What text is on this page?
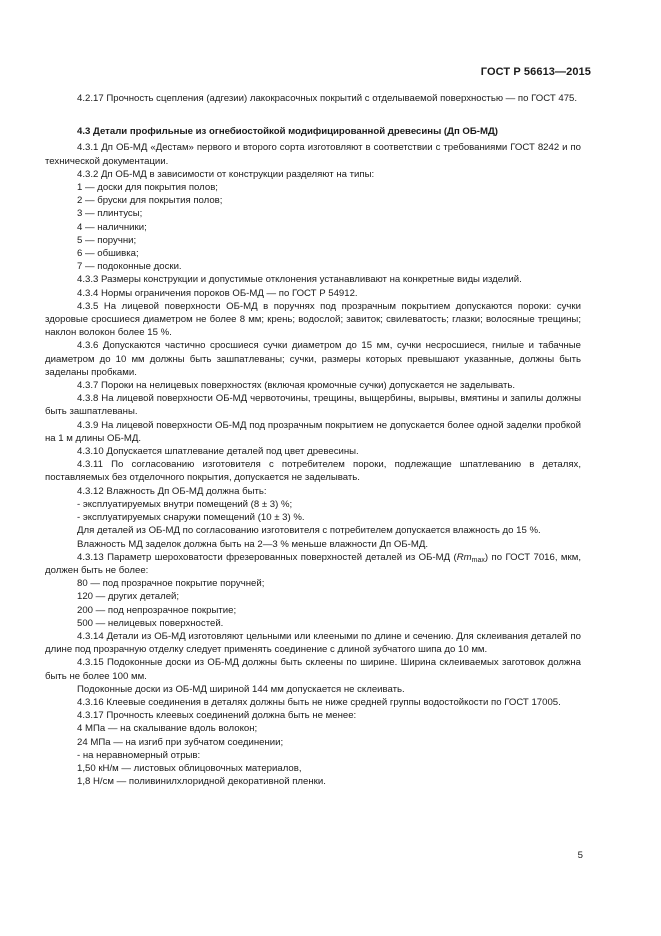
ГОСТ Р 56613—2015

4.2.17 Прочность сцепления (адгезии) лакокрасочных покрытий с отделываемой поверхностью — по ГОСТ 475.

4.3 Детали профильные из огнебиостойкой модифицированной древесины (Дп ОБ-МД)

4.3.1 Дп ОБ-МД «Дестам» первого и второго сорта изготовляют в соответствии с требованиями ГОСТ 8242 и по технической документации.

4.3.2 Дп ОБ-МД в зависимости от конструкции разделяют на типы:

1 — доски для покрытия полов;

2 — бруски для покрытия полов;

3 — плинтусы;

4 — наличники;

5 — поручни;

6 — обшивка;

7 — подоконные доски.

4.3.3 Размеры конструкции и допустимые отклонения устанавливают на конкретные виды изделий.

4.3.4 Нормы ограничения пороков ОБ-МД — по ГОСТ Р 54912.

4.3.5 На лицевой поверхности ОБ-МД в поручнях под прозрачным покрытием допускаются пороки: сучки здоровые сросшиеся диаметром не более 8 мм; крень; водослой; завиток; свилеватость; глазки; волосяные трещины; наклон волокон более 15 %.

4.3.6 Допускаются частично сросшиеся сучки диаметром до 15 мм, сучки несросшиеся, гнилые и табачные диаметром до 10 мм должны быть зашпатлеваны; сучки, размеры которых превышают указанные, должны быть заделаны пробками.

4.3.7 Пороки на нелицевых поверхностях (включая кромочные сучки) допускается не заделывать.

4.3.8 На лицевой поверхности ОБ-МД червоточины, трещины, выщербины, вырывы, вмятины и запилы должны быть зашпатлеваны.

4.3.9 На лицевой поверхности ОБ-МД под прозрачным покрытием не допускается более одной заделки пробкой на 1 м длины ОБ-МД.

4.3.10 Допускается шпатлевание деталей под цвет древесины.

4.3.11 По согласованию изготовителя с потребителем пороки, подлежащие шпатлеванию в деталях, поставляемых без отделочного покрытия, допускается не заделывать.

4.3.12 Влажность Дп ОБ-МД должна быть:

- эксплуатируемых внутри помещений (8 ± 3) %;

- эксплуатируемых снаружи помещений (10 ± 3) %.

Для деталей из ОБ-МД по согласованию изготовителя с потребителем допускается влажность до 15 %.

Влажность МД заделок должна быть на 2—3 % меньше влажности Дп ОБ-МД.

4.3.13 Параметр шероховатости фрезерованных поверхностей деталей из ОБ-МД $(Rm_{max})$ по ГОСТ 7016, мкм, должен быть не более:

80 — под прозрачное покрытие поручней;

120 — других деталей;

200 — под непрозрачное покрытие;

500 — нелицевых поверхностей.

4.3.14 Детали из ОБ-МД изготовляют цельными или клееными по длине и сечению. Для склеивания деталей по длине под прозрачную отделку следует применять соединение с длиной зубчатого шипа до 10 мм.

4.3.15 Подоконные доски из ОБ-МД должны быть склеены по ширине. Ширина склеиваемых заготовок должна быть не более 100 мм.

Подоконные доски из ОБ-МД шириной 144 мм допускается не склеивать.

4.3.16 Клеевые соединения в деталях должны быть не ниже средней группы водостойкости по ГОСТ 17005.

4.3.17 Прочность клеевых соединений должна быть не менее:

4 МПа — на скалывание вдоль волокон;

24 МПа — на изгиб при зубчатом соединении;

- на неравномерный отрыв:

1,50 кН/м — листовых облицовочных материалов,

1,8 Н/см — поливинилхлоридной декоративной пленки.

5
